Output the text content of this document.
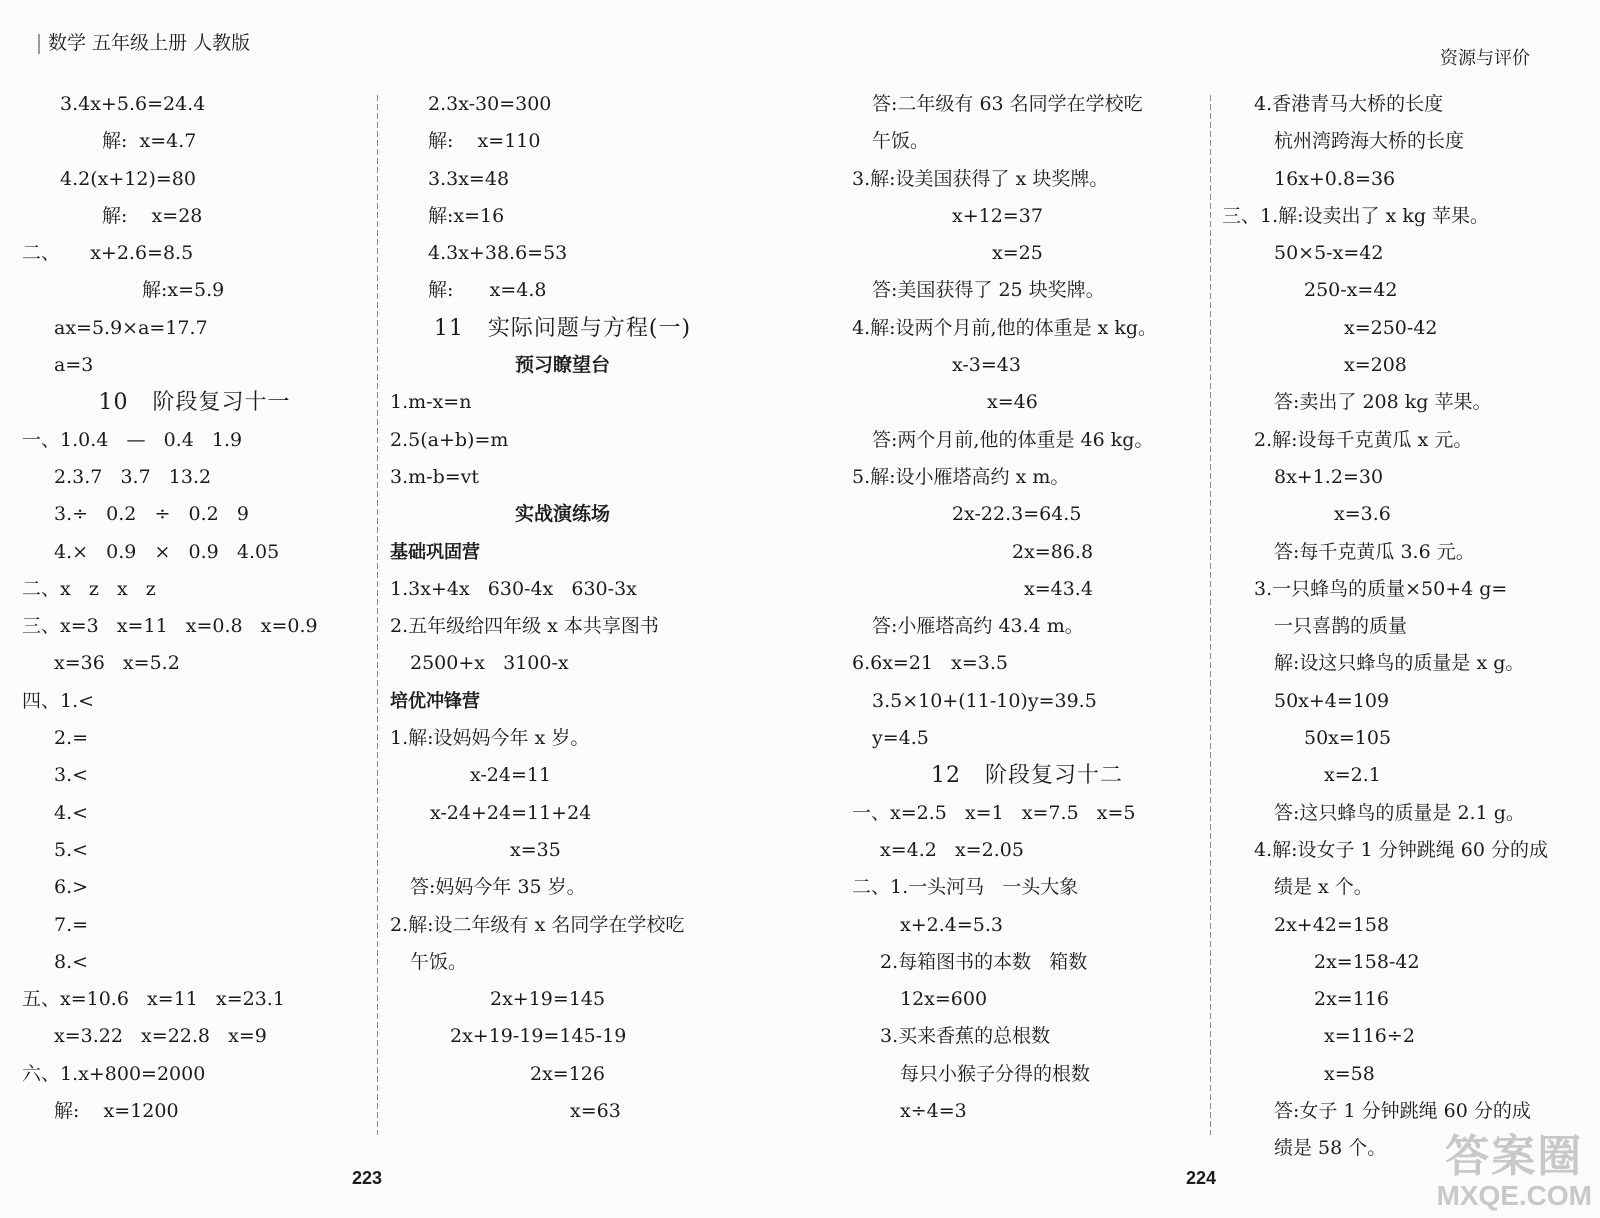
数学 五年级上册 人教版
资源与评价
3.4x+5.6=24.4
解:  x=4.7
4.2(x+12)=80
解:    x=28
二、     x+2.6=8.5
解:x=5.9
ax=5.9×a=17.7
a=3
10   阶段复习十一
一、1.0.4   —   0.4   1.9
2.3.7   3.7   13.2
3.÷   0.2   ÷   0.2   9
4.×   0.9   ×   0.9   4.05
二、x   z   x   z
三、x=3   x=11   x=0.8   x=0.9
x=36   x=5.2
四、1.<
2.=
3.<
4.<
5.<
6.>
7.=
8.<
五、x=10.6   x=11   x=23.1
x=3.22   x=22.8   x=9
六、1.x+800=2000
解:    x=1200
2.3x-30=300
解:    x=110
3.3x=48
解:x=16
4.3x+38.6=53
解:      x=4.8
11   实际问题与方程(一)
预习瞭望台
1.m-x=n
2.5(a+b)=m
3.m-b=vt
实战演练场
基础巩固营
1.3x+4x   630-4x   630-3x
2.五年级给四年级 x 本共享图书
2500+x   3100-x
培优冲锋营
1.解:设妈妈今年 x 岁。
x-24=11
x-24+24=11+24
x=35
答:妈妈今年 35 岁。
2.解:设二年级有 x 名同学在学校吃
午饭。
2x+19=145
2x+19-19=145-19
2x=126
x=63
答:二年级有 63 名同学在学校吃
午饭。
3.解:设美国获得了 x 块奖牌。
x+12=37
x=25
答:美国获得了 25 块奖牌。
4.解:设两个月前,他的体重是 x kg。
x-3=43
x=46
答:两个月前,他的体重是 46 kg。
5.解:设小雁塔高约 x m。
2x-22.3=64.5
2x=86.8
x=43.4
答:小雁塔高约 43.4 m。
6.6x=21   x=3.5
3.5×10+(11-10)y=39.5
y=4.5
12   阶段复习十二
一、x=2.5   x=1   x=7.5   x=5
x=4.2   x=2.05
二、1.一头河马   一头大象
x+2.4=5.3
2.每箱图书的本数   箱数
12x=600
3.买来香蕉的总根数
每只小猴子分得的根数
x÷4=3
4.香港青马大桥的长度
杭州湾跨海大桥的长度
16x+0.8=36
三、1.解:设卖出了 x kg 苹果。
50×5-x=42
250-x=42
x=250-42
x=208
答:卖出了 208 kg 苹果。
2.解:设每千克黄瓜 x 元。
8x+1.2=30
x=3.6
答:每千克黄瓜 3.6 元。
3.一只蜂鸟的质量×50+4 g=
一只喜鹊的质量
解:设这只蜂鸟的质量是 x g。
50x+4=109
50x=105
x=2.1
答:这只蜂鸟的质量是 2.1 g。
4.解:设女子 1 分钟跳绳 60 分的成
绩是 x 个。
2x+42=158
2x=158-42
2x=116
x=116÷2
x=58
答:女子 1 分钟跳绳 60 分的成
绩是 58 个。
223	224	答案圈
MXQE.COM
